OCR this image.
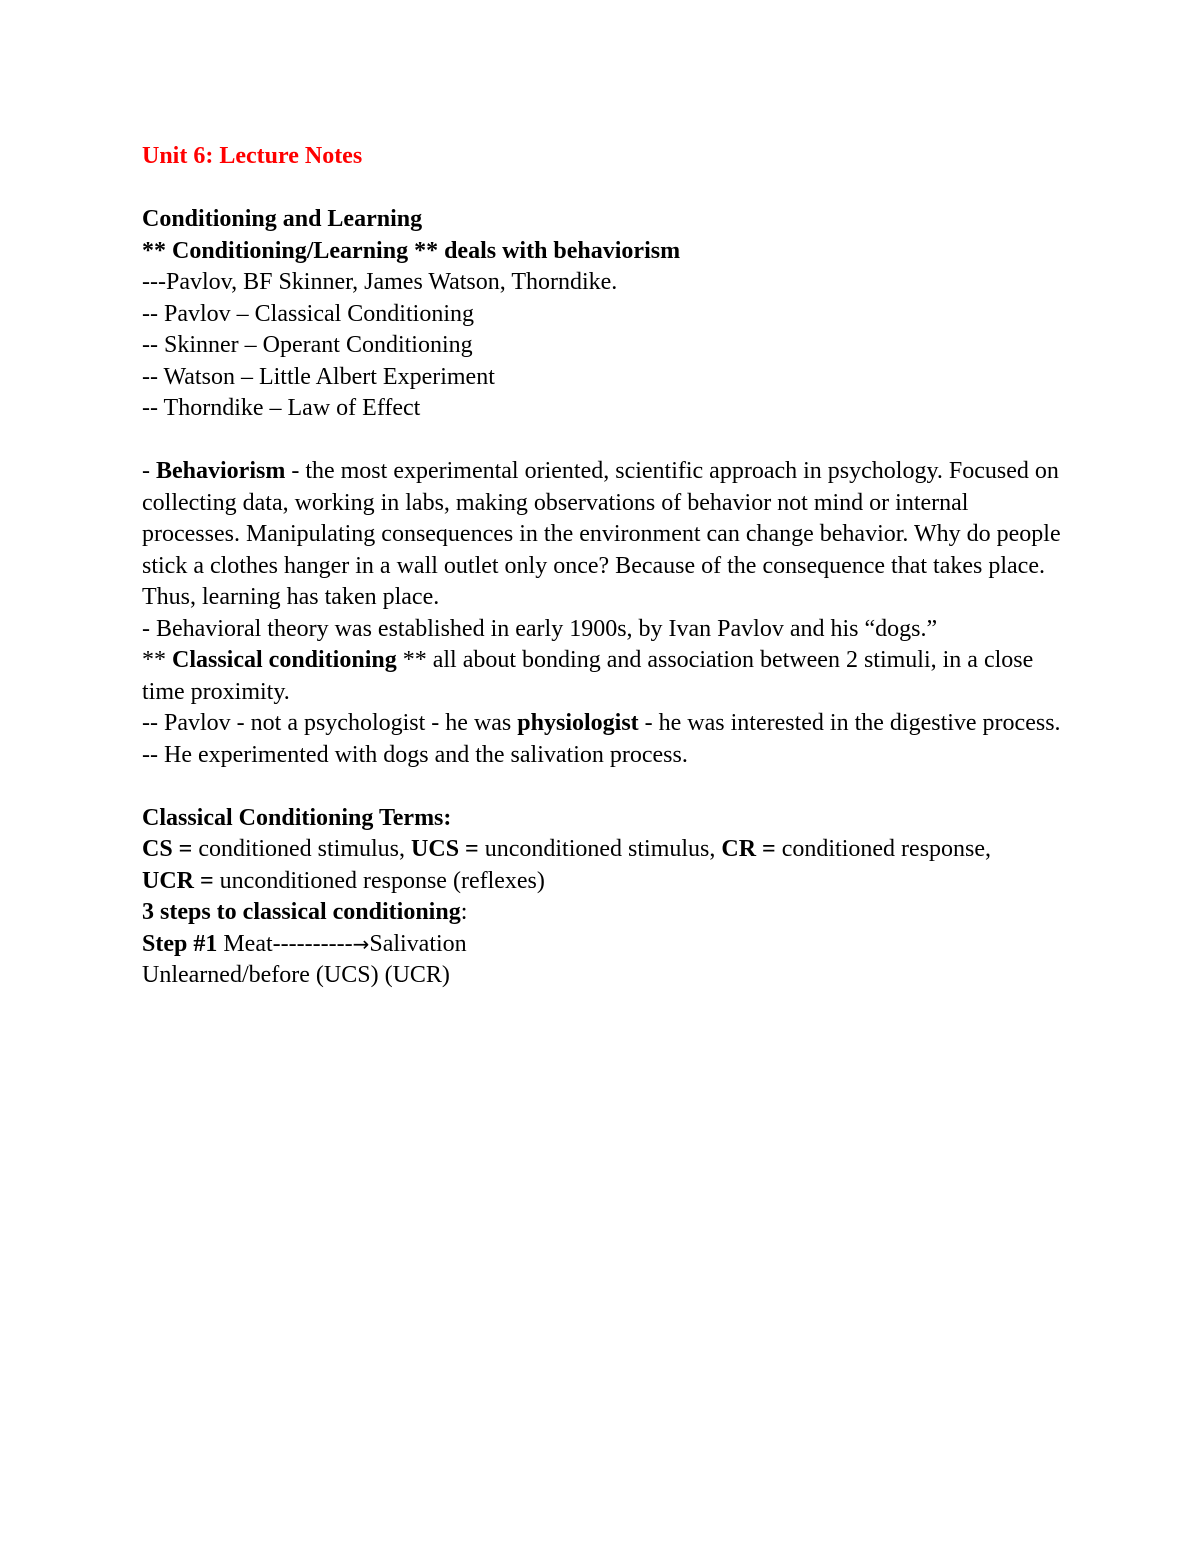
Unit 6: Lecture Notes
Conditioning and Learning
** Conditioning/Learning ** deals with behaviorism
---Pavlov, BF Skinner, James Watson, Thorndike.
-- Pavlov – Classical Conditioning
-- Skinner – Operant Conditioning
-- Watson – Little Albert Experiment
-- Thorndike – Law of Effect
- Behaviorism - the most experimental oriented, scientific approach in psychology. Focused on collecting data, working in labs, making observations of behavior not mind or internal processes. Manipulating consequences in the environment can change behavior. Why do people stick a clothes hanger in a wall outlet only once? Because of the consequence that takes place. Thus, learning has taken place.
- Behavioral theory was established in early 1900s, by Ivan Pavlov and his “dogs.”
** Classical conditioning ** all about bonding and association between 2 stimuli, in a close time proximity.
-- Pavlov - not a psychologist - he was physiologist - he was interested in the digestive process.
-- He experimented with dogs and the salivation process.
Classical Conditioning Terms:
CS = conditioned stimulus, UCS = unconditioned stimulus, CR = conditioned response,
UCR = unconditioned response (reflexes)
3 steps to classical conditioning:
Step #1 Meat----------→Salivation
Unlearned/before (UCS) (UCR)
